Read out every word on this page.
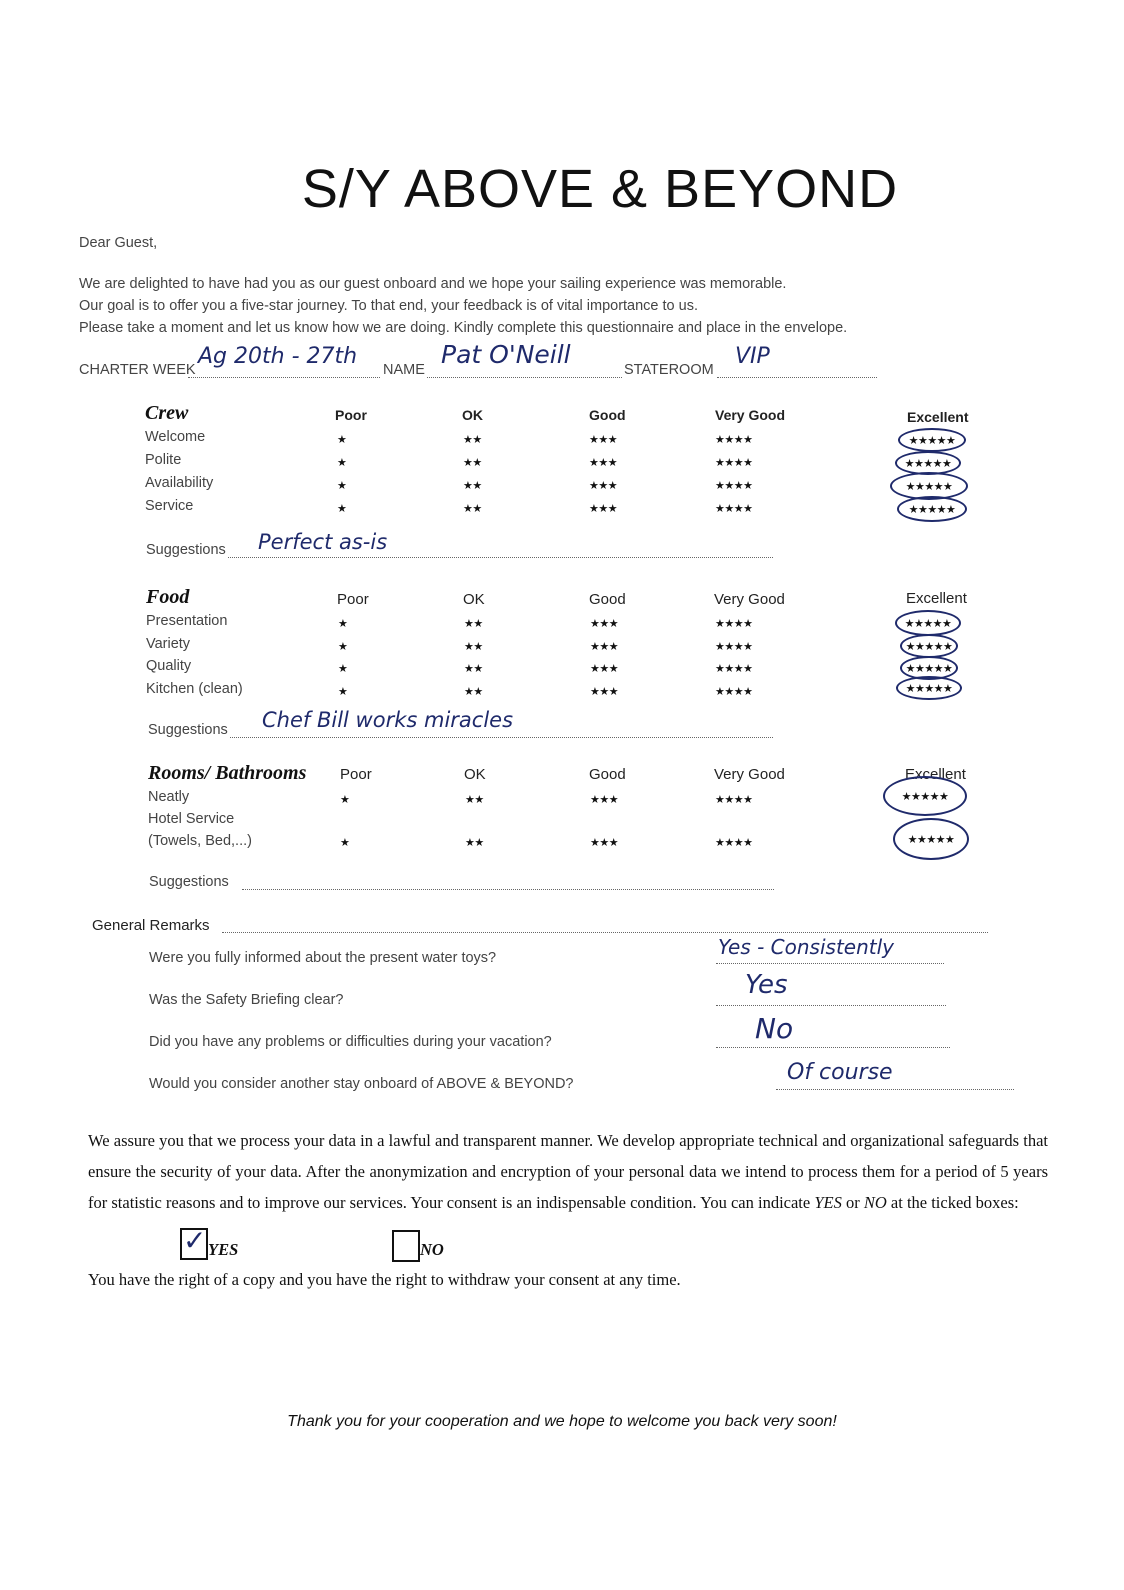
S/Y ABOVE & BEYOND
Dear Guest,
We are delighted to have had you as our guest onboard and we hope your sailing experience was memorable.
Our goal is to offer you a five-star journey. To that end, your feedback is of vital importance to us.
Please take a moment and let us know how we are doing. Kindly complete this questionnaire and place in the envelope.
CHARTER WEEK
Ag 20th - 27th
NAME
Pat O'Neill
STATEROOM
VIP
Crew	Poor	OK	Good	Very Good	Excellent
Welcome	★	★★	★★★	★★★★	★★★★★
Polite	★	★★	★★★	★★★★	★★★★★
Availability	★	★★	★★★	★★★★	★★★★★
Service	★	★★	★★★	★★★★	★★★★★
Suggestions Perfect as-is
Food	Poor	OK	Good	Very Good	Excellent
Presentation	★	★★	★★★	★★★★	★★★★★
Variety	★	★★	★★★	★★★★	★★★★★
Quality	★	★★	★★★	★★★★	★★★★★
Kitchen (clean)	★	★★	★★★	★★★★	★★★★★
Suggestions Chef Bill works miracles
Rooms/ Bathrooms Poor	OK	Good	Very Good	Excellent
Neatly	★	★★	★★★	★★★★	★★★★★
Hotel Service
(Towels, Bed,...)	★	★★	★★★	★★★★	★★★★★
Suggestions
General Remarks
Were you fully informed about the present water toys?	Yes - Consistently
Was the Safety Briefing clear?	Yes
Did you have any problems or difficulties during your vacation?	No
Would you consider another stay onboard of ABOVE & BEYOND?	Of course
We assure you that we process your data in a lawful and transparent manner. We develop appropriate technical and organizational safeguards that ensure the security of your data. After the anonymization and encryption of your personal data we intend to process them for a period of 5 years for statistic reasons and to improve our services. Your consent is an indispensable condition. You can indicate YES or NO at the ticked boxes:
✓ YES	NO
You have the right of a copy and you have the right to withdraw your consent at any time.
Thank you for your cooperation and we hope to welcome you back very soon!
